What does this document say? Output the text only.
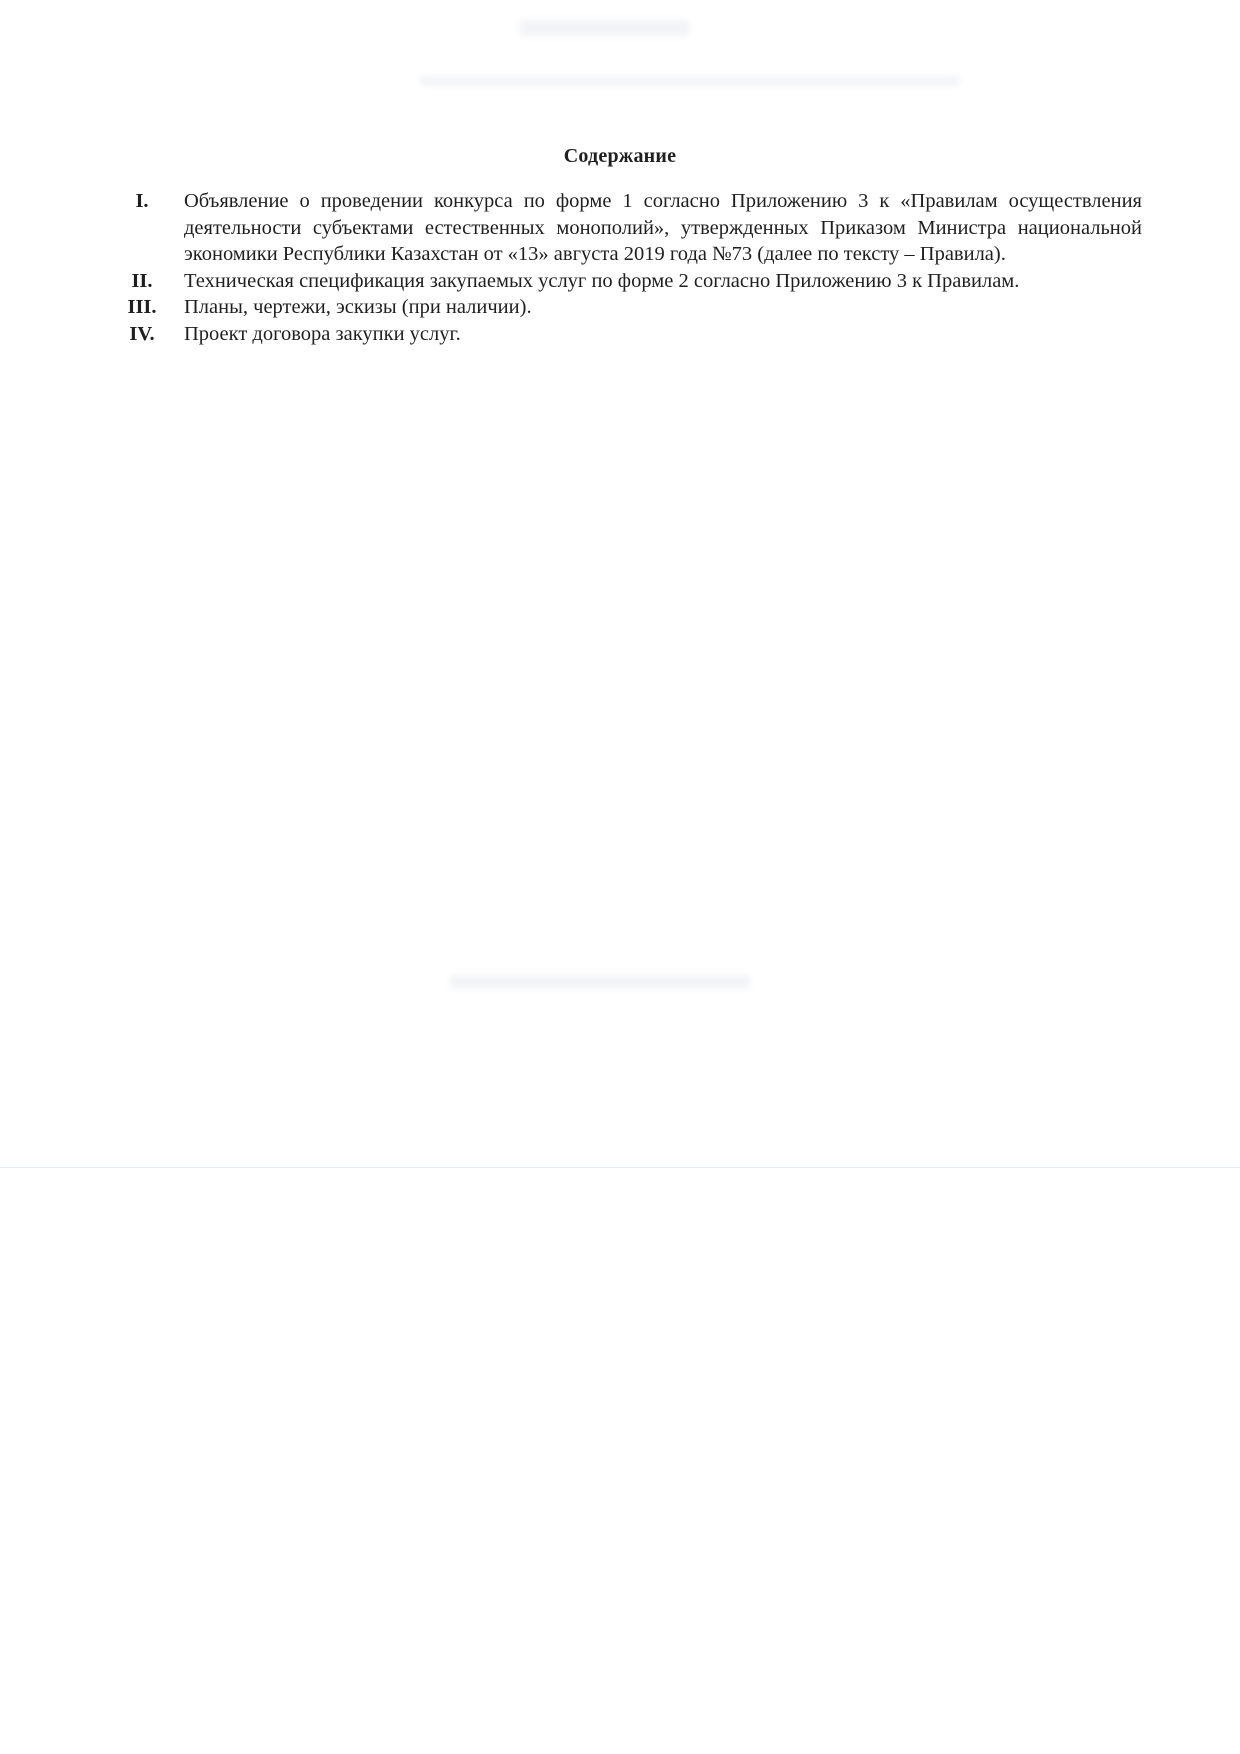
Содержание
I.	Объявление о проведении конкурса по форме 1 согласно Приложению 3 к «Правилам осуществления деятельности субъектами естественных монополий», утвержденных Приказом Министра национальной экономики Республики Казахстан от «13» августа 2019 года №73 (далее по тексту – Правила).
II.	Техническая спецификация закупаемых услуг по форме 2 согласно Приложению 3 к Правилам.
III.	Планы, чертежи, эскизы (при наличии).
IV.	Проект договора закупки услуг.
